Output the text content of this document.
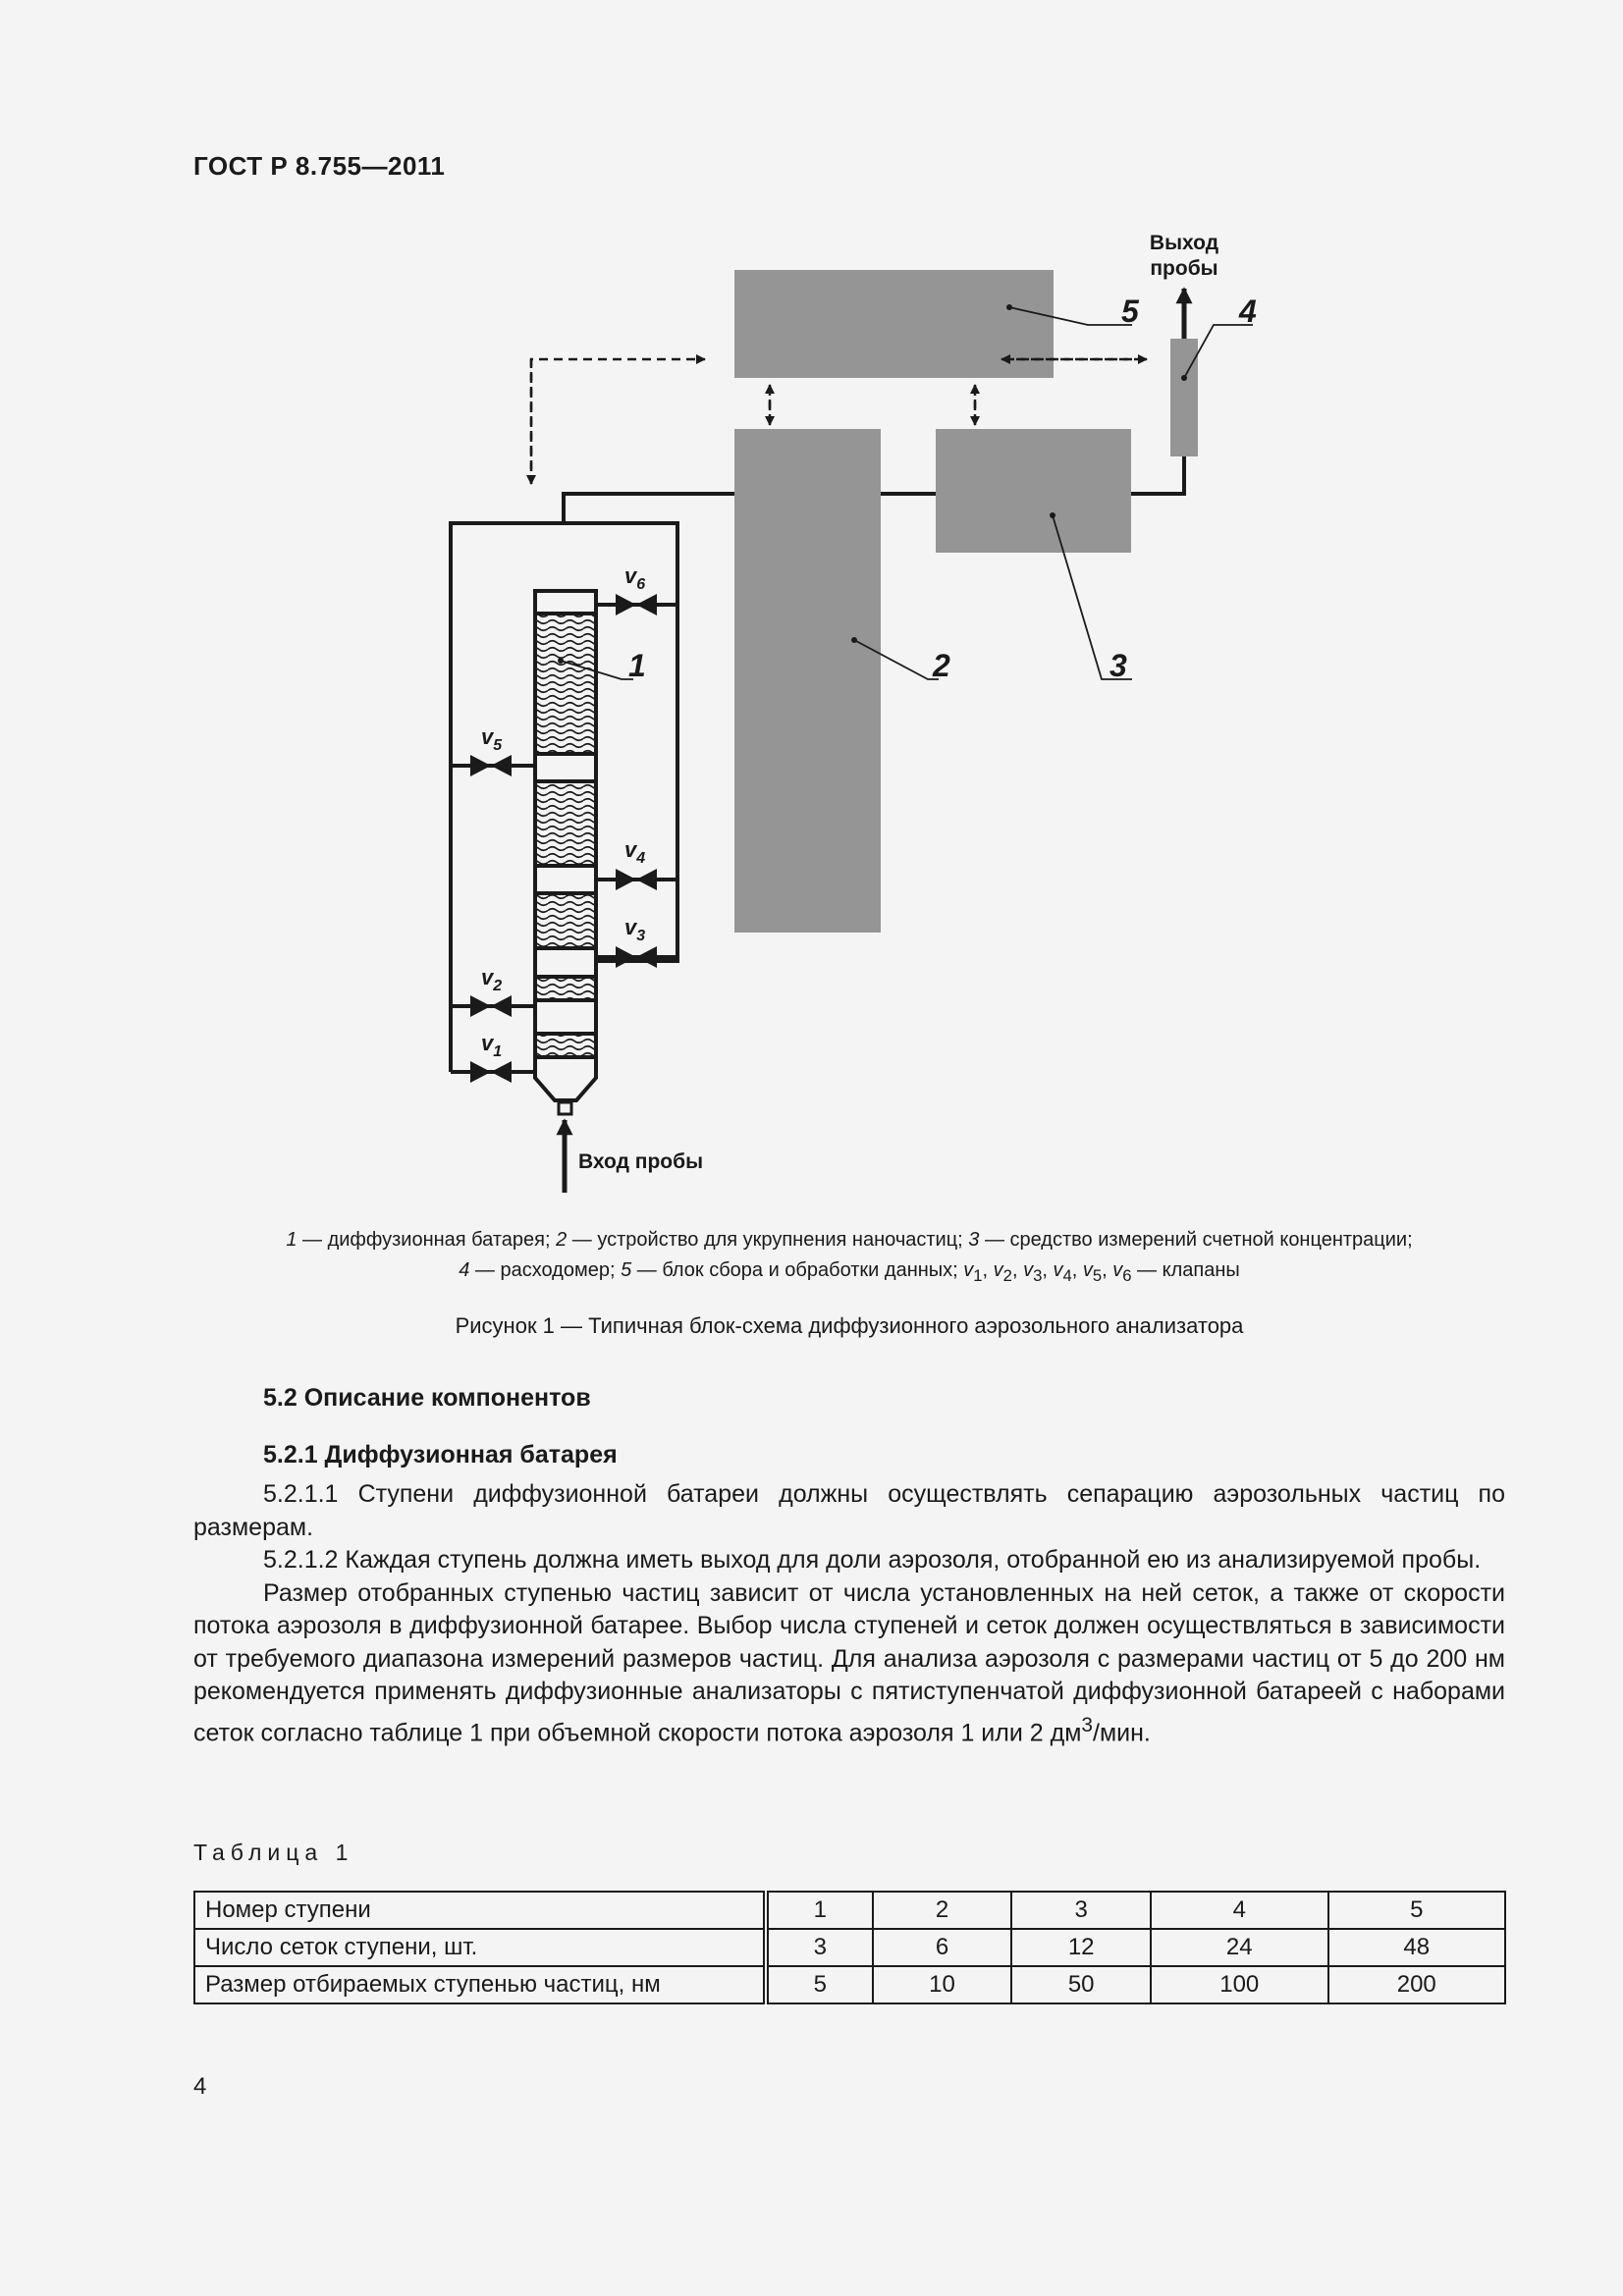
ГОСТ Р 8.755—2011
Выход
пробы
Вход пробы
5	4
1	2	3
$v_6$
$v_5$
$v_4$
$v_3$
$v_2$
$v_1$
1 — диффузионная батарея; 2 — устройство для укрупнения наночастиц; 3 — средство измерений счетной концентрации;
4 — расходомер; 5 — блок сбора и обработки данных; $v_1$, $v_2$, $v_3$, $v_4$, $v_5$, $v_6$ — клапаны
Рисунок 1 — Типичная блок-схема диффузионного аэрозольного анализатора
5.2 Описание компонентов
5.2.1 Диффузионная батарея

5.2.1.1 Ступени диффузионной батареи должны осуществлять сепарацию аэрозольных частиц по размерам.

5.2.1.2 Каждая ступень должна иметь выход для доли аэрозоля, отобранной ею из анализируемой пробы.

Размер отобранных ступенью частиц зависит от числа установленных на ней сеток, а также от скорости потока аэрозоля в диффузионной батарее. Выбор числа ступеней и сеток должен осуществляться в зависимости от требуемого диапазона измерений размеров частиц. Для анализа аэрозоля с размерами частиц от 5 до 200 нм рекомендуется применять диффузионные анализаторы с пятиступенчатой диффузионной батареей с наборами сеток согласно таблице 1 при объемной скорости потока аэрозоля 1 или 2 $дм^3$/мин.

Таблица 1
Номер ступени	1	2	3	4	5
Число сеток ступени, шт.	3	6	12	24	48
Размер отбираемых ступенью частиц, нм	5	10	50	100	200
4
